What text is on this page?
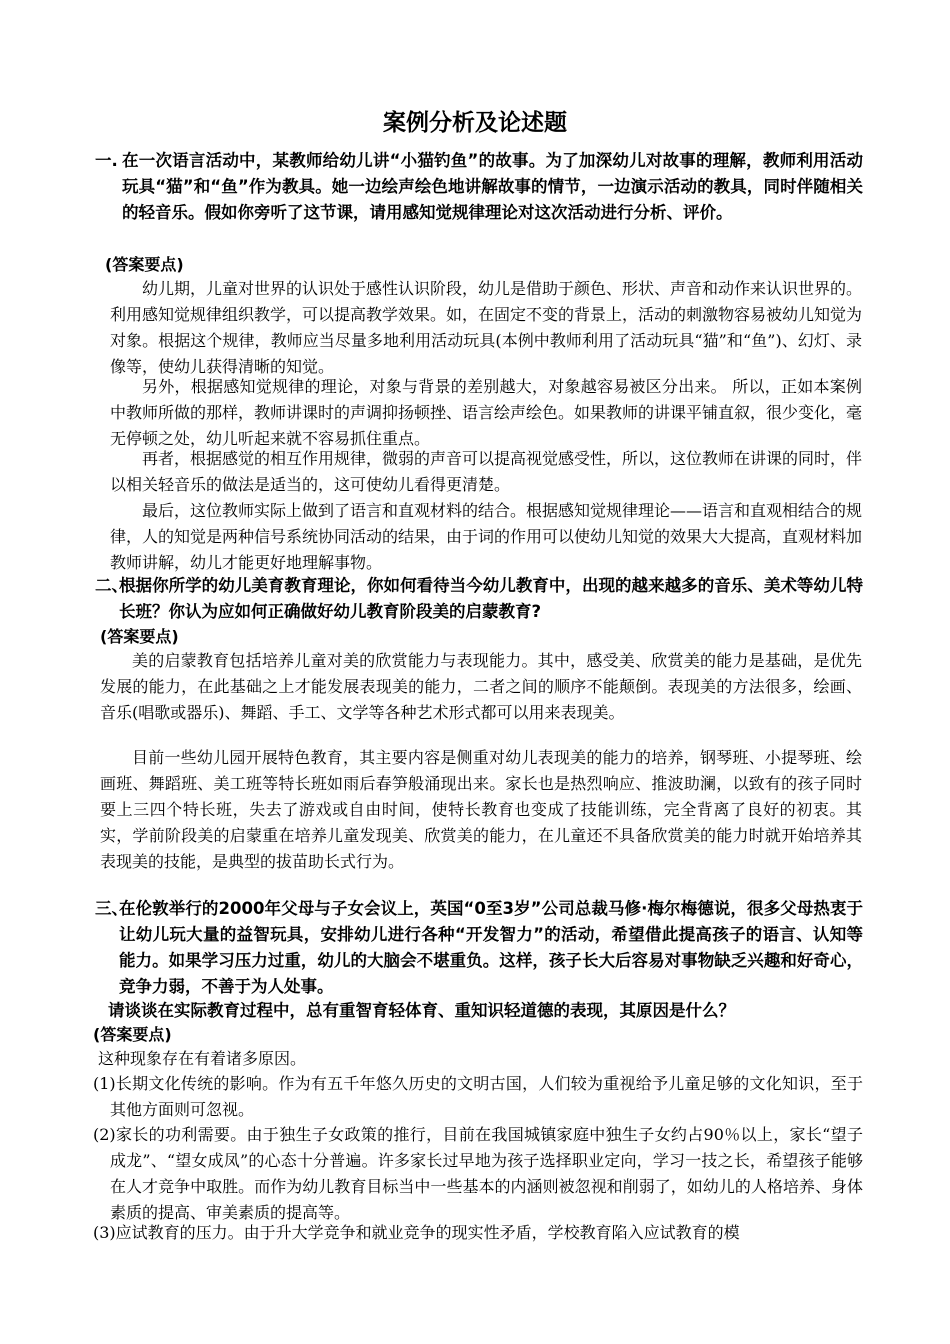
案例分析及论述题
一. 在一次语言活动中，某教师给幼儿讲“小猫钓鱼”的故事。为了加深幼儿对故事的理解，教师利用活动玩具“猫”和“鱼”作为教具。她一边绘声绘色地讲解故事的情节，一边演示活动的教具，同时伴随相关的轻音乐。假如你旁听了这节课，请用感知觉规律理论对这次活动进行分析、评价。
(答案要点)
幼儿期，儿童对世界的认识处于感性认识阶段，幼儿是借助于颜色、形状、声音和动作来认识世界的。利用感知觉规律组织教学，可以提高教学效果。如，在固定不变的背景上，活动的刺激物容易被幼儿知觉为对象。根据这个规律，教师应当尽量多地利用活动玩具(本例中教师利用了活动玩具“猫”和“鱼”)、幻灯、录像等，使幼儿获得清晰的知觉。
另外，根据感知觉规律的理论，对象与背景的差别越大，对象越容易被区分出来。 所以，正如本案例中教师所做的那样，教师讲课时的声调抑扬顿挫、语言绘声绘色。如果教师的讲课平铺直叙，很少变化，毫无停顿之处，幼儿听起来就不容易抓住重点。
再者，根据感觉的相互作用规律，微弱的声音可以提高视觉感受性，所以，这位教师在讲课的同时，伴以相关轻音乐的做法是适当的，这可使幼儿看得更清楚。
最后，这位教师实际上做到了语言和直观材料的结合。根据感知觉规律理论——语言和直观相结合的规律，人的知觉是两种信号系统协同活动的结果，由于词的作用可以使幼儿知觉的效果大大提高，直观材料加教师讲解，幼儿才能更好地理解事物。
二、
根据你所学的幼儿美育教育理论，你如何看待当今幼儿教育中，出现的越来越多的音乐、美术等幼儿特长班？你认为应如何正确做好幼儿教育阶段美的启蒙教育?
(答案要点)
美的启蒙教育包括培养儿童对美的欣赏能力与表现能力。其中，感受美、欣赏美的能力是基础，是优先发展的能力，在此基础之上才能发展表现美的能力，二者之间的顺序不能颠倒。表现美的方法很多，绘画、音乐(唱歌或器乐)、舞蹈、手工、文学等各种艺术形式都可以用来表现美。
目前一些幼儿园开展特色教育，其主要内容是侧重对幼儿表现美的能力的培养，钢琴班、小提琴班、绘画班、舞蹈班、美工班等特长班如雨后春笋般涌现出来。家长也是热烈响应、推波助澜，以致有的孩子同时要上三四个特长班，失去了游戏或自由时间，使特长教育也变成了技能训练，完全背离了良好的初衷。其实，学前阶段美的启蒙重在培养儿童发现美、欣赏美的能力，在儿童还不具备欣赏美的能力时就开始培养其表现美的技能，是典型的拔苗助长式行为。
三、
在伦敦举行的2000年父母与子女会议上，英国“0至3岁”公司总裁马修·梅尔梅德说，很多父母热衷于让幼儿玩大量的益智玩具，安排幼儿进行各种“开发智力”的活动，希望借此提高孩子的语言、认知等能力。如果学习压力过重，幼儿的大脑会不堪重负。这样，孩子长大后容易对事物缺乏兴趣和好奇心，竞争力弱，不善于为人处事。
请谈谈在实际教育过程中，总有重智育轻体育、重知识轻道德的表现，其原因是什么？
(答案要点)
这种现象存在有着诸多原因。
(1)长期文化传统的影响。作为有五千年悠久历史的文明古国，人们较为重视给予儿童足够的文化知识，至于其他方面则可忽视。
(2)家长的功利需要。由于独生子女政策的推行，目前在我国城镇家庭中独生子女约占90％以上，家长“望子成龙”、“望女成凤”的心态十分普遍。许多家长过早地为孩子选择职业定向，学习一技之长，希望孩子能够在人才竞争中取胜。而作为幼儿教育目标当中一些基本的内涵则被忽视和削弱了，如幼儿的人格培养、身体素质的提高、审美素质的提高等。
(3)应试教育的压力。由于升大学竞争和就业竞争的现实性矛盾，学校教育陷入应试教育的模
